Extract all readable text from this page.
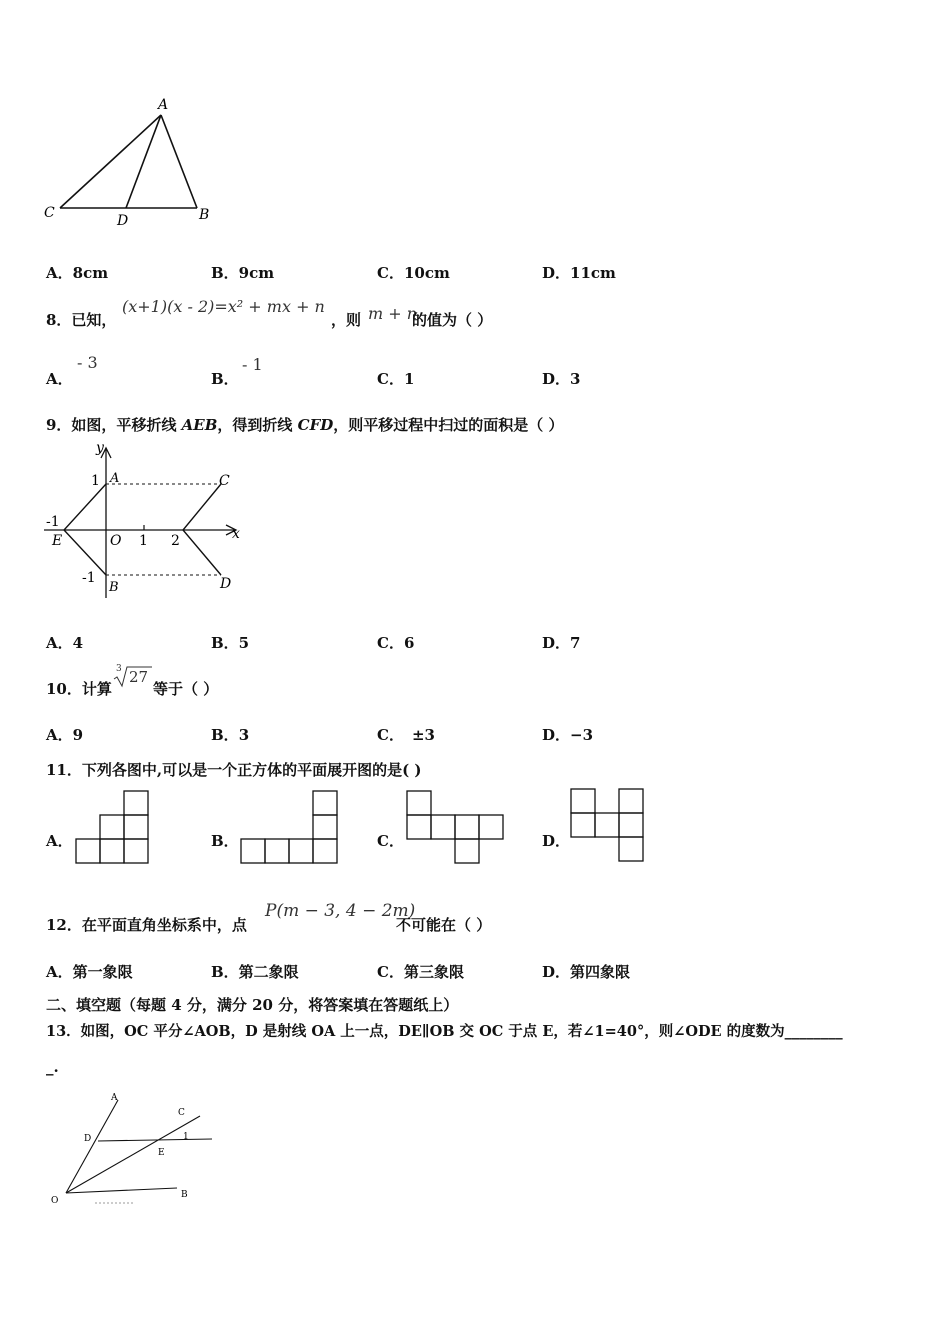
A
C	D	B
A．8cm	B．9cm	C．10cm	D．11cm
8．已知，
(x+1)(x - 2)=x² + mx + n
，则 m + n
的值为（ ）
A．
- 3
B．
- 1
C．1	D．3
9．如图，平移折线 AEB，得到折线 CFD，则平移过程中扫过的面积是（ ）
y
x
A
1	C
-1
E	O 1 2
-1
B	D
A．4	B．5	C．6	D．7
10．计算
3 27
等于（ ）
A．9	B．3	C． ±3	D．−3
11．下列各图中,可以是一个正方体的平面展开图的是( )
A．	B．	C．	D．
12．在平面直角坐标系中，点
P(m − 3, 4 − 2m)
不可能在（ ）
A．第一象限	B．第二象限	C．第三象限	D．第四象限
二、填空题（每题 4 分，满分 20 分，将答案填在答题纸上）
13．如图，OC 平分∠AOB，D 是射线 OA 上一点，DE∥OB 交 OC 于点 E，若∠1=40°，则∠ODE 的度数为________
_.
A
C
D	1
E
O
B
